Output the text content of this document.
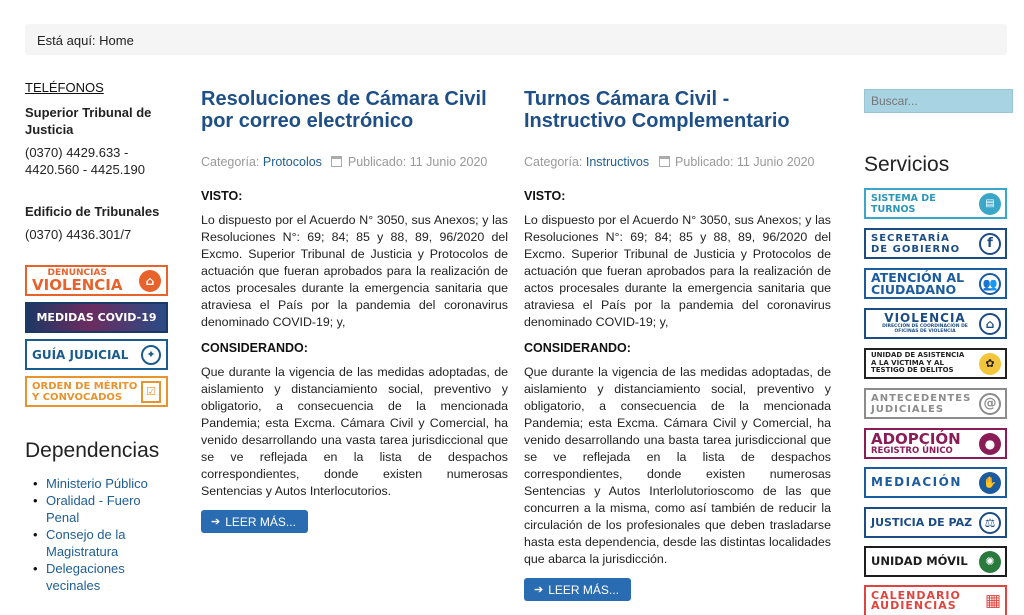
Está aquí: Home
TELÉFONOS
Superior Tribunal de Justicia
(0370) 4429.633 -
4420.560 - 4425.190
Edificio de Tribunales
(0370) 4436.301/7
DENUNCIAS
VIOLENCIA	⌂
MEDIDAS COVID-19
GUÍA JUDICIAL	✦
ORDEN DE MÉRITO
Y CONVOCADOS	☑
Dependencias
• Ministerio Público
• Oralidad - Fuero Penal
• Consejo de la Magistratura
• Delegaciones vecinales
Resoluciones de Cámara Civil por correo electrónico
Categoría: Protocolos Publicado: 11 Junio 2020
VISTO:

Lo dispuesto por el Acuerdo N° 3050, sus Anexos; y las Resoluciones N°: 69; 84; 85 y 88, 89, 96/2020 del Excmo. Superior Tribunal de Justicia y Protocolos de actuación que fueran aprobados para la realización de actos procesales durante la emergencia sanitaria que atraviesa el País por la pandemia del coronavirus denominado COVID-19; y,

CONSIDERANDO:

Que durante la vigencia de las medidas adoptadas, de aislamiento y distanciamiento social, preventivo y obligatorio, a consecuencia de la mencionada Pandemia; esta Excma. Cámara Civil y Comercial, ha venido desarrollando una vasta tarea jurisdiccional que se ve reflejada en la lista de despachos correspondientes, donde existen numerosas Sentencias y Autos Interlocutorios.

➔ LEER MÁS...
Turnos Cámara Civil - Instructivo Complementario
Categoría: Instructivos Publicado: 11 Junio 2020
VISTO:

Lo dispuesto por el Acuerdo N° 3050, sus Anexos; y las Resoluciones N°: 69; 84; 85 y 88, 89, 96/2020 del Excmo. Superior Tribunal de Justicia y Protocolos de actuación que fueran aprobados para la realización de actos procesales durante la emergencia sanitaria que atraviesa el País por la pandemia del coronavirus denominado COVID-19; y,

CONSIDERANDO:

Que durante la vigencia de las medidas adoptadas, de aislamiento y distanciamiento social, preventivo y obligatorio, a consecuencia de la mencionada Pandemia; esta Excma. Cámara Civil y Comercial, ha venido desarrollando una basta tarea jurisdiccional que se ve reflejada en la lista de despachos correspondientes, donde existen numerosas Sentencias y Autos Interlolutorioscomo de las que concurren a la misma, como así también de reducir la circulación de los profesionales que deben trasladarse hasta esta dependencia, desde las distintas localidades que abarca la jurisdicción.

➔ LEER MÁS...
Buscar...
Servicios
SISTEMA DE TURNOS	▤
SECRETARÍA
DE GOBIERNO	f
ATENCIÓN AL
CIUDADANO	👥
VIOLENCIA
DIRECCIÓN DE COORDINACIÓN DE OFICINAS DE VIOLENCIA
⌂
UNIDAD DE ASISTENCIA
A LA VÍCTIMA Y AL
TESTIGO DE DELITOS
✿
ANTECEDENTES
JUDICIALES	@
ADOPCIÓN
REGISTRO ÚNICO	●
MEDIACIÓN	✋
JUSTICIA DE PAZ	⚖
UNIDAD MÓVIL	✺
CALENDARIO
AUDIENCIAS ▦
